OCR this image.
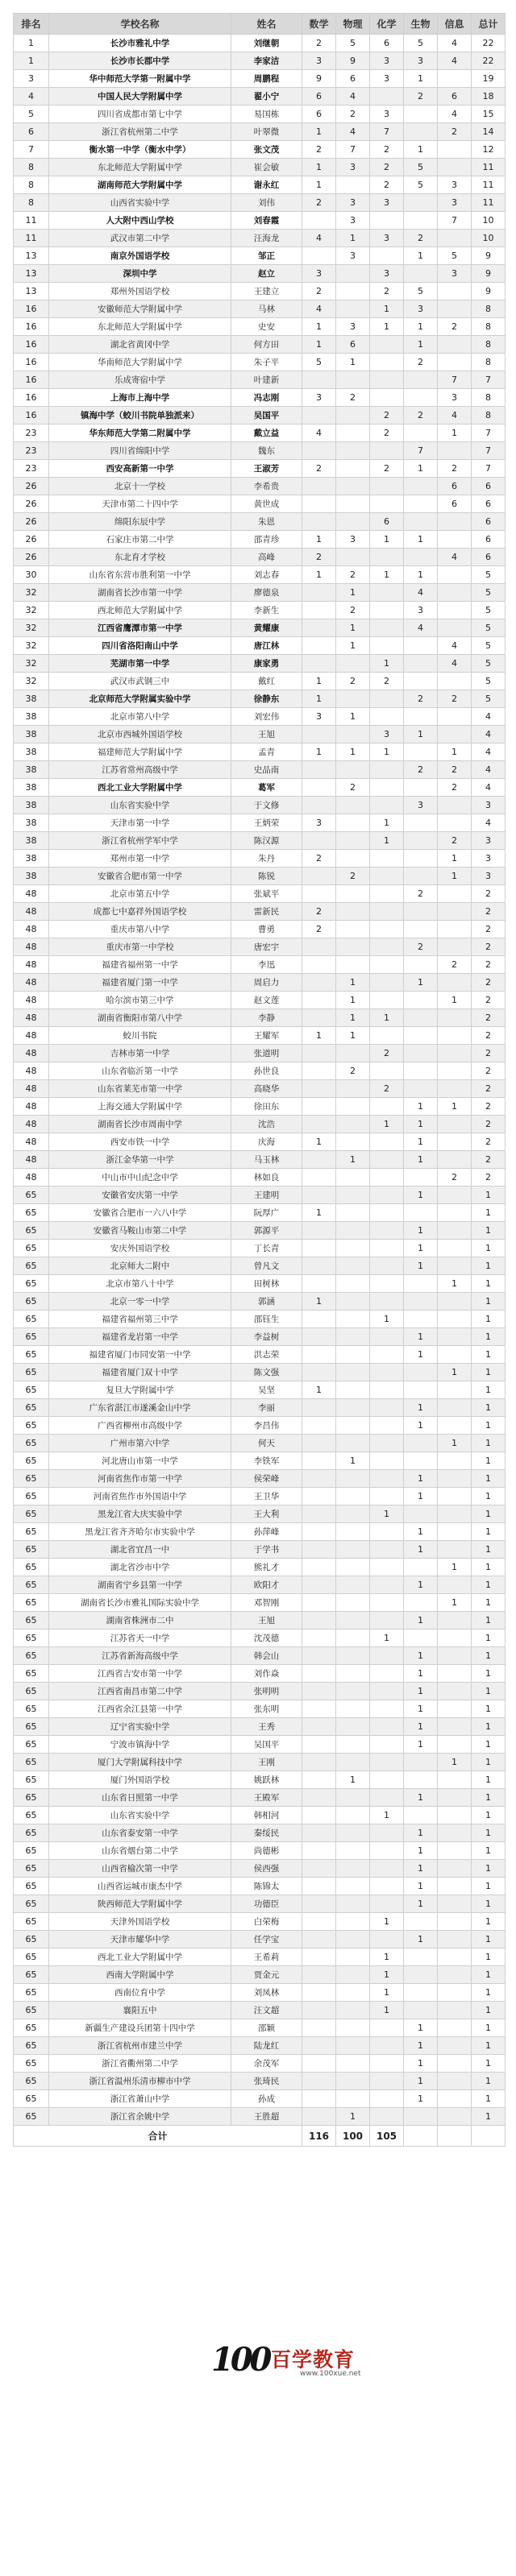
排名	学校名称	姓名	数学	物理	化学	生物	信息	总计
1	长沙市雅礼中学	刘继朝	2	5	6	5	4	22
1	长沙市长郡中学	李家洁	3	9	3	3	4	22
3	华中师范大学第一附属中学	周鹏程	9	6	3	1		19
4	中国人民大学附属中学	翟小宁	6	4		2	6	18
5	四川省成都市第七中学	易国栋	6	2	3		4	15
6	浙江省杭州第二中学	叶翠微	1	4	7		2	14
7	衡水第一中学（衡水中学）	张文茂	2	7	2	1		12
8	东北师范大学附属中学	崔会敏	1	3	2	5		11
8	湖南师范大学附属中学	谢永红	1		2	5	3	11
8	山西省实验中学	刘伟	2	3	3		3	11
11	人大附中西山学校	刘春霞		3			7	10
11	武汉市第二中学	汪海龙	4	1	3	2		10
13	南京外国语学校	邹正		3		1	5	9
13	深圳中学	赵立	3		3		3	9
13	郑州外国语学校	王建立	2		2	5		9
16	安徽师范大学附属中学	马林	4		1	3		8
16	东北师范大学附属中学	史安	1	3	1	1	2	8
16	湖北省黄冈中学	何方田	1	6		1		8
16	华南师范大学附属中学	朱子平	5	1		2		8
16	乐成寄宿中学	叶建新					7	7
16	上海市上海中学	冯志刚	3	2			3	8
16	镇海中学（蛟川书院单独派来）	吴国平			2	2	4	8
23	华东师范大学第二附属中学	戴立益	4		2		1	7
23	四川省绵阳中学	魏东				7		7
23	西安高新第一中学	王淑芳	2		2	1	2	7
26	北京十一学校	李希贵					6	6
26	天津市第二十四中学	黄世成					6	6
26	绵阳东辰中学	朱恩			6			6
26	石家庄市第二中学	邵青珍	1	3	1	1		6
26	东北育才学校	高峰	2				4	6
30	山东省东营市胜利第一中学	刘志春	1	2	1	1		5
32	湖南省长沙市第一中学	廖德泉		1		4		5
32	西北师范大学附属中学	李新生		2		3		5
32	江西省鹰潭市第一中学	黄耀康		1		4		5
32	四川省洛阳南山中学	唐江林		1			4	5
32	芜湖市第一中学	康家勇			1		4	5
32	武汉市武钢三中	戴红	1	2	2			5
38	北京师范大学附属实验中学	徐静东	1			2	2	5
38	北京市第八中学	刘宏伟	3	1				4
38	北京市西城外国语学校	王旭			3	1		4
38	福建师范大学附属中学	孟青	1	1	1		1	4
38	江苏省常州高级中学	史品南				2	2	4
38	西北工业大学附属中学	葛军		2			2	4
38	山东省实验中学	于文修				3		3
38	天津市第一中学	王炳荣	3		1			4
38	浙江省杭州学军中学	陈汉源			1		2	3
38	郑州市第一中学	朱丹	2				1	3
38	安徽省合肥市第一中学	陈锐		2			1	3
48	北京市第五中学	张斌平				2		2
48	成都七中嘉祥外国语学校	雷新民	2					2
48	重庆市第八中学	曹勇	2					2
48	重庆市第一中学校	唐宏宇				2		2
48	福建省福州第一中学	李迅					2	2
48	福建省厦门第一中学	周启力		1		1		2
48	哈尔滨市第三中学	赵文莲		1			1	2
48	湖南省衡阳市第八中学	李静		1	1			2
48	蛟川书院	王耀军	1	1				2
48	吉林市第一中学	张道明			2			2
48	山东省临沂第一中学	孙世良		2				2
48	山东省莱芜市第一中学	高晓华			2			2
48	上海交通大学附属中学	徐田东				1	1	2
48	湖南省长沙市周南中学	沈浩			1	1		2
48	西安市铁一中学	庆海	1			1		2
48	浙江金华第一中学	马玉林		1		1		2
48	中山市中山纪念中学	林如良					2	2
65	安徽省安庆第一中学	王建明				1		1
65	安徽省合肥市一六八中学	阮厚广	1					1
65	安徽省马鞍山市第二中学	郭源平				1		1
65	安庆外国语学校	丁长青				1		1
65	北京师大二附中	曾凡文				1		1
65	北京市第八十中学	田树林					1	1
65	北京一零一中学	郭涵	1					1
65	福建省福州第三中学	邵钰生			1			1
65	福建省龙岩第一中学	李益树				1		1
65	福建省厦门市同安第一中学	洪志荣				1		1
65	福建省厦门双十中学	陈文强					1	1
65	复旦大学附属中学	吴坚	1					1
65	广东省湛江市遂溪金山中学	李丽				1		1
65	广西省柳州市高级中学	李昌伟				1		1
65	广州市第六中学	何天					1	1
65	河北唐山市第一中学	李铁军		1				1
65	河南省焦作市第一中学	侯荣峰				1		1
65	河南省焦作市外国语中学	王卫华				1		1
65	黑龙江省大庆实验中学	王大利			1			1
65	黑龙江省齐齐哈尔市实验中学	孙萍峰				1		1
65	湖北省宜昌一中	于学书				1		1
65	湖北省沙市中学	熊礼才					1	1
65	湖南省宁乡县第一中学	欧阳才				1		1
65	湖南省长沙市雅礼国际实验中学	邓智刚					1	1
65	湖南省株洲市二中	王旭				1		1
65	江苏省天一中学	沈茂德			1			1
65	江苏省新海高级中学	韩会山				1		1
65	江西省吉安市第一中学	刘作焱				1		1
65	江西省南昌市第二中学	张明明				1		1
65	江西省余江县第一中学	张东明				1		1
65	辽宁省实验中学	王秀				1		1
65	宁波市镇海中学	吴国平				1		1
65	厦门大学附属科技中学	王刚					1	1
65	厦门外国语学校	姚跃林		1				1
65	山东省日照第一中学	王殿军				1		1
65	山东省实验中学	韩相河			1			1
65	山东省泰安第一中学	秦绥民				1		1
65	山东省烟台第二中学	尚德彬				1		1
65	山西省榆次第一中学	侯西强				1		1
65	山西省运城市康杰中学	陈锦太				1		1
65	陕西师范大学附属中学	功德臣				1		1
65	天津外国语学校	白荣梅			1			1
65	天津市耀华中学	任学宝				1		1
65	西北工业大学附属中学	王希莉			1			1
65	西南大学附属中学	贾金元			1			1
65	西南位育中学	刘凤林			1			1
65	襄阳五中	汪文超			1			1
65	新疆生产建设兵团第十四中学	邵颖				1		1
65	浙江省杭州市建兰中学	陆龙红				1		1
65	浙江省衢州第二中学	余茂军				1		1
65	浙江省温州乐清市柳市中学	张琦民				1		1
65	浙江省萧山中学	孙成				1		1
65	浙江省余姚中学	王胜超		1				1
合计			116	100	105			
100 百学教育
www.100xue.net
